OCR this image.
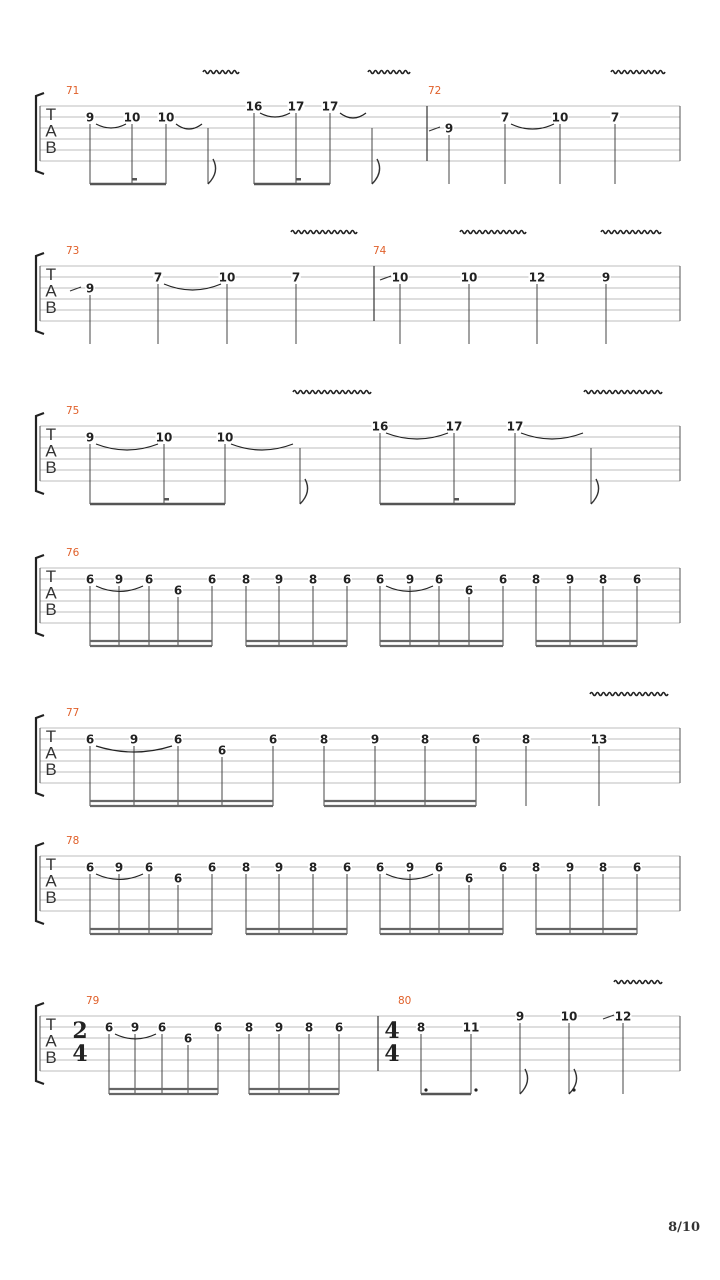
T
A
B
71
9 10 10
16 17 17
72
9
7	10	7
T
A
B
73
9
7	10	7
74
10	10	12	9
T
A
B
75
9	10	10
16	17	17
T
A
B
76
6 9 6
6
6 8 9 8 6 6 9 6
6
6 8 9 8 6
T
A
B
77
6	9	6
6
6	8	9	8	6	8	13
T
A
B
78
6 9 6
6
6 8 9 8 6 6 9 6
6
6 8 9 8 6
T
A
B
79
2
4
6 9 6
6
6 8 9 8 6
80
4
4
8	11
9	10	12
8/10
